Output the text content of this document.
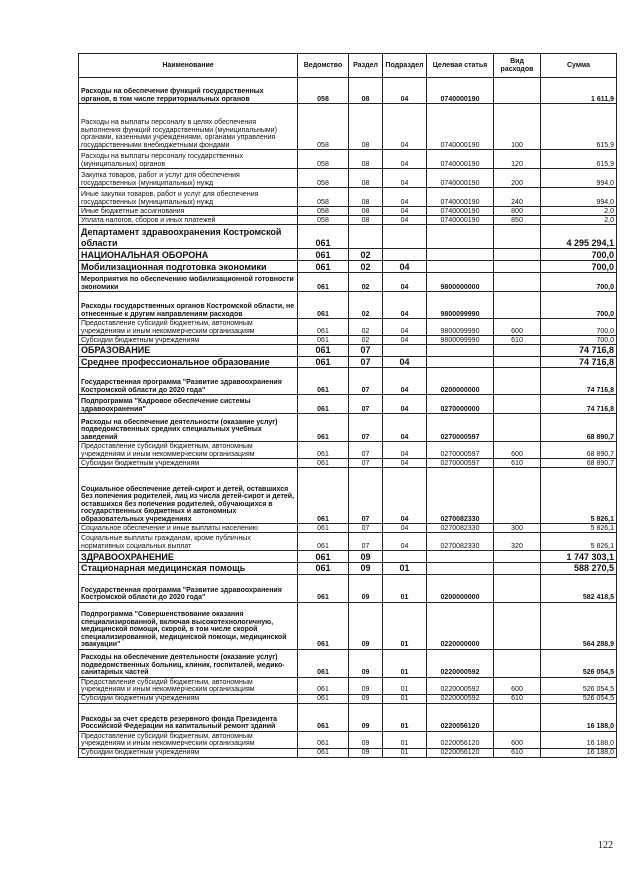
Наименование	Ведомство	Раздел	Подраздел	Целевая статья	Вид расходов	Сумма
Расходы на обеспечение функций государственных органов, в том числе территориальных органов	058	08	04	0740000190		1 611,9
Расходы на выплаты персоналу в целях обеспечения выполнения функций государственными (муниципальными) органами, казенными учреждениями, органами управления государственными внебюджетными фондами	058	08	04	0740000190	100	615,9
Расходы на выплаты персоналу государственных (муниципальных) органов	058	08	04	0740000190	120	615,9
Закупка товаров, работ и услуг для обеспечения государственных (муниципальных) нужд	058	08	04	0740000190	200	994,0
Иные закупки товаров, работ и услуг для обеспечения государственных (муниципальных) нужд	058	08	04	0740000190	240	994,0
Иные бюджетные ассигнования	058	08	04	0740000190	800	2,0
Уплата налогов, сборов и иных платежей	058	08	04	0740000190	850	2,0
Департамент здравоохранения Костромской области	061					4 295 294,1
НАЦИОНАЛЬНАЯ ОБОРОНА	061	02				700,0
Мобилизационная подготовка экономики	061	02	04			700,0
Мероприятия по обеспечению мобилизационной готовности экономики	061	02	04	9800000000		700,0
Расходы государственных органов Костромской области, не отнесенные к другим направлениям расходов	061	02	04	9800099990		700,0
Предоставление субсидий бюджетным, автономным учреждениям и иным некоммерческим организациям	061	02	04	9800099990	600	700,0
Субсидии бюджетным учреждениям	061	02	04	9800099990	610	700,0
ОБРАЗОВАНИЕ	061	07				74 716,8
Среднее профессиональное образование	061	07	04			74 716,8
Государственная программа "Развитие здравоохранения Костромской области до 2020 года"	061	07	04	0200000000		74 716,8
Подпрограмма "Кадровое обеспечение системы здравоохранения"	061	07	04	0270000000		74 716,8
Расходы на обеспечение деятельности (оказание услуг) подведомственных средних специальных учебных заведений	061	07	04	0270000597		68 890,7
Предоставление субсидий бюджетным, автономным учреждениям и иным некоммерческим организациям	061	07	04	0270000597	600	68 890,7
Субсидии бюджетным учреждениям	061	07	04	0270000597	610	68 890,7
Социальное обеспечение детей-сирот и детей, оставшихся без попечения родителей, лиц из числа детей-сирот и детей, оставшихся без попечения родителей, обучающихся в государственных бюджетных и автономных образовательных учреждениях	061	07	04	0270082330		5 826,1
Социальное обеспечение и иные выплаты населению	061	07	04	0270082330	300	5 826,1
Социальные выплаты гражданам, кроме публичных нормативных социальных выплат	061	07	04	0270082330	320	5 826,1
ЗДРАВООХРАНЕНИЕ	061	09				1 747 303,1
Стационарная медицинская помощь	061	09	01			588 270,5
Государственная программа "Развитие здравоохранения Костромской области до 2020 года"	061	09	01	0200000000		582 418,5
Подпрограмма "Совершенствование оказания специализированной, включая высокотехнологичную, медицинской помощи, скорой, в том числе скорой специализированной, медицинской помощи, медицинской эвакуации"	061	09	01	0220000000		564 288,9
Расходы на обеспечение деятельности (оказание услуг) подведомственных больниц, клиник, госпиталей, медико-санитарных частей	061	09	01	0220000592		526 054,5
Предоставление субсидий бюджетным, автономным учреждениям и иным некоммерческим организациям	061	09	01	0220000592	600	526 054,5
Субсидии бюджетным учреждениям	061	09	01	0220000592	610	526 054,5
Расходы за счет средств резервного фонда Президента Российской Федерации на капитальный ремонт зданий	061	09	01	0220056120		16 188,0
Предоставление субсидий бюджетным, автономным учреждениям и иным некоммерческим организациям	061	09	01	0220056120	600	16 188,0
Субсидии бюджетным учреждениям	061	09	01	0220056120	610	16 188,0
122
